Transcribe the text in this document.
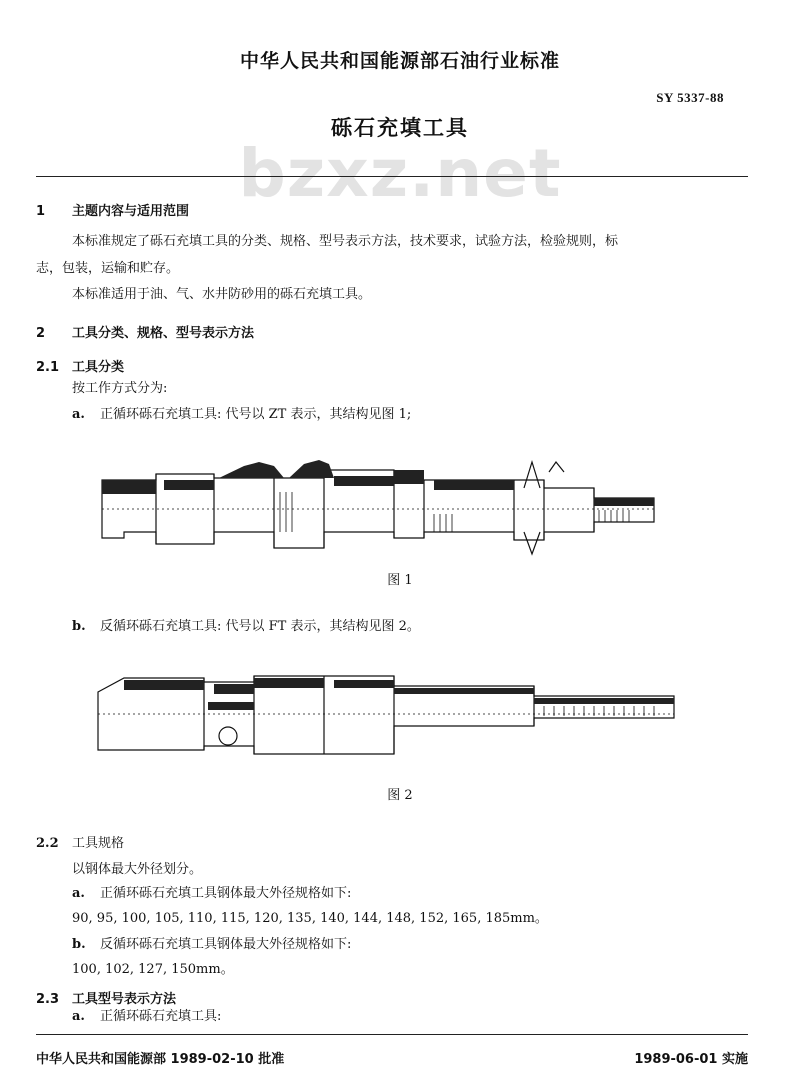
中华人民共和国能源部石油行业标准
SY 5337-88
砾石充填工具
bzxz.net
1 主题内容与适用范围
本标准规定了砾石充填工具的分类、规格、型号表示方法，技术要求，试验方法，检验规则，标
志，包装，运输和贮存。
本标准适用于油、气、水井防砂用的砾石充填工具。
2 工具分类、规格、型号表示方法
2.1 工具分类
按工作方式分为:
a. 正循环砾石充填工具: 代号以 ZT 表示，其结构见图 1;
图 1
b. 反循环砾石充填工具: 代号以 FT 表示，其结构见图 2。
图 2
2.2 工具规格
以钢体最大外径划分。
a. 正循环砾石充填工具钢体最大外径规格如下:
90, 95, 100, 105, 110, 115, 120, 135, 140, 144, 148, 152, 165, 185mm。
b. 反循环砾石充填工具钢体最大外径规格如下:
100, 102, 127, 150mm。
2.3 工具型号表示方法
a. 正循环砾石充填工具:
中华人民共和国能源部 1989-02-10 批准	1989-06-01 实施
